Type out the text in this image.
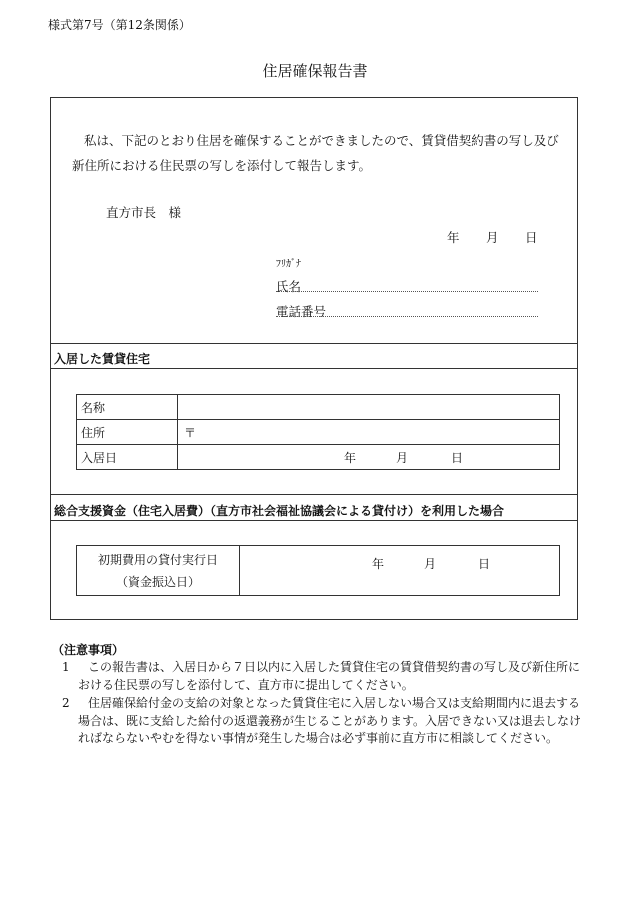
様式第7号（第12条関係）
住居確保報告書
私は、下記のとおり住居を確保することができましたので、賃貸借契約書の写し及び新住所における住民票の写しを添付して報告します。
直方市長　様
年 月 日
ﾌﾘｶﾞﾅ
氏名
電話番号
入居した賃貸住宅
名称	
住所	〒
入居日	年 月 日
総合支援資金（住宅入居費）（直方市社会福祉協議会による貸付け）を利用した場合
初期費用の貸付実行日
（資金振込日）

年	月	日
（注意事項）
1	この報告書は、入居日から７日以内に入居した賃貸住宅の賃貸借契約書の写し及び新住所における住民票の写しを添付して、直方市に提出してください。
2	住居確保給付金の支給の対象となった賃貸住宅に入居しない場合又は支給期間内に退去する場合は、既に支給した給付の返還義務が生じることがあります。入居できない又は退去しなければならないやむを得ない事情が発生した場合は必ず事前に直方市に相談してください。
